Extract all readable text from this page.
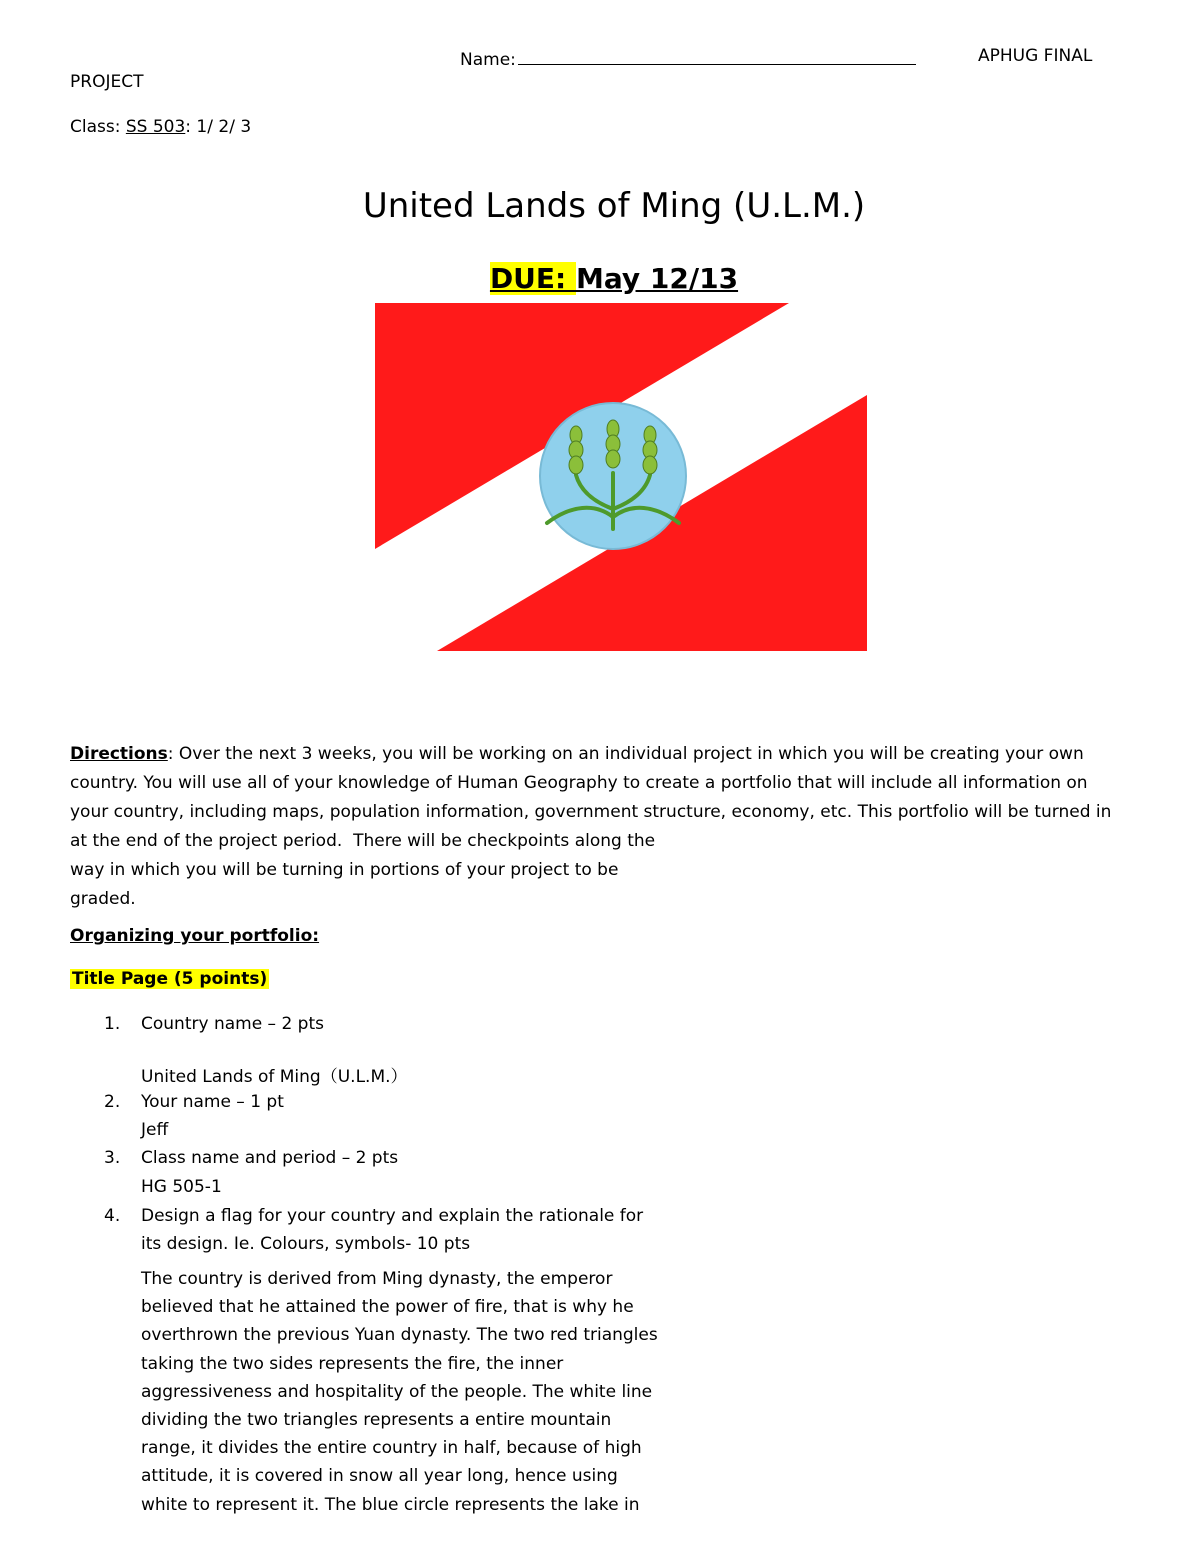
Name:	APHUG FINAL
PROJECT
Class: SS 503: 1/ 2/ 3
United Lands of Ming (U.L.M.)
DUE: May 12/13
Directions: Over the next 3 weeks, you will be working on an individual project in which you will be creating your own
country. You will use all of your knowledge of Human Geography to create a portfolio that will include all information on
your country, including maps, population information, government structure, economy, etc. This portfolio will be turned in
at the end of the project period.  There will be checkpoints along the
way in which you will be turning in portions of your project to be
graded.
Organizing your portfolio:
Title Page (5 points)
1. Country name – 2 pts
United Lands of Ming（U.L.M.）
2. Your name – 1 pt
Jeff
3. Class name and period – 2 pts
HG 505-1
4. Design a flag for your country and explain the rationale for
its design. Ie. Colours, symbols- 10 pts
The country is derived from Ming dynasty, the emperor
believed that he attained the power of fire, that is why he
overthrown the previous Yuan dynasty. The two red triangles
taking the two sides represents the fire, the inner
aggressiveness and hospitality of the people. The white line
dividing the two triangles represents a entire mountain
range, it divides the entire country in half, because of high
attitude, it is covered in snow all year long, hence using
white to represent it. The blue circle represents the lake in
